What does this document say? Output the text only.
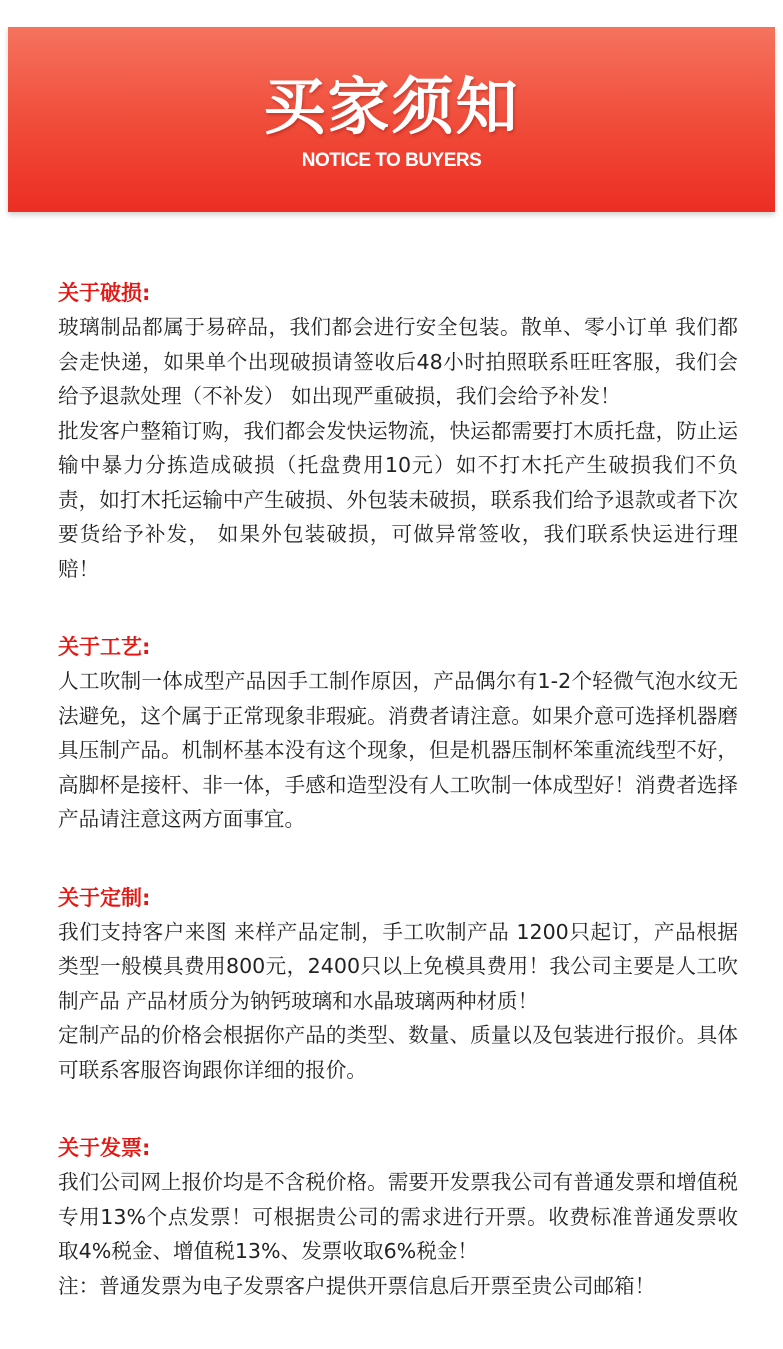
买家须知
NOTICE TO BUYERS

关于破损:

玻璃制品都属于易碎品，我们都会进行安全包装。散单、零小订单 我们都会走快递，如果单个出现破损请签收后48小时拍照联系旺旺客服，我们会给予退款处理（不补发） 如出现严重破损，我们会给予补发！

批发客户整箱订购，我们都会发快运物流，快运都需要打木质托盘，防止运输中暴力分拣造成破损（托盘费用10元）如不打木托产生破损我们不负责，如打木托运输中产生破损、外包装未破损，联系我们给予退款或者下次要货给予补发， 如果外包装破损，可做异常签收，我们联系快运进行理赔！

关于工艺:

人工吹制一体成型产品因手工制作原因，产品偶尔有1-2个轻微气泡水纹无法避免，这个属于正常现象非瑕疵。消费者请注意。如果介意可选择机器磨具压制产品。机制杯基本没有这个现象，但是机器压制杯笨重流线型不好，高脚杯是接杆、非一体，手感和造型没有人工吹制一体成型好！消费者选择产品请注意这两方面事宜。

关于定制:

我们支持客户来图 来样产品定制，手工吹制产品 1200只起订，产品根据类型一般模具费用800元，2400只以上免模具费用！我公司主要是人工吹制产品 产品材质分为钠钙玻璃和水晶玻璃两种材质！

定制产品的价格会根据你产品的类型、数量、质量以及包装进行报价。具体可联系客服咨询跟你详细的报价。

关于发票:

我们公司网上报价均是不含税价格。需要开发票我公司有普通发票和增值税专用13%个点发票！可根据贵公司的需求进行开票。收费标准普通发票收取4%税金、增值税13%、发票收取6%税金！

注：普通发票为电子发票客户提供开票信息后开票至贵公司邮箱！
